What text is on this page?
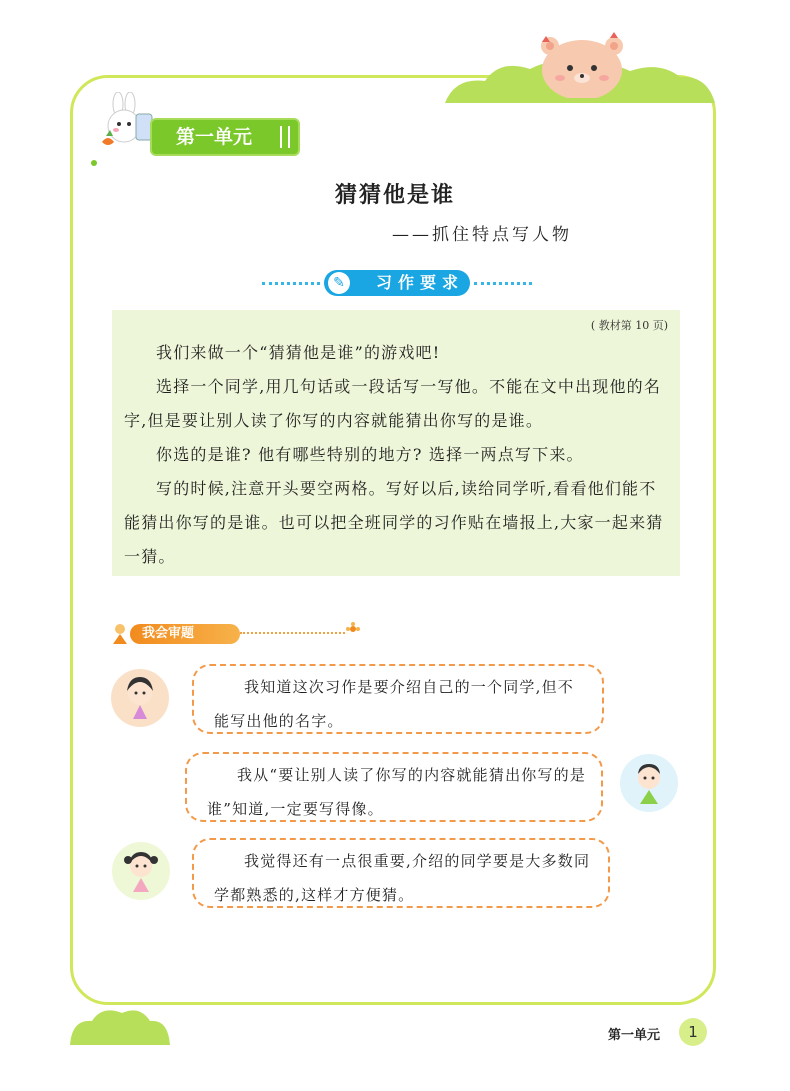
第一单元
猜猜他是谁
——抓住特点写人物
✎	习作要求
( 教材第 10 页)

我们来做一个“猜猜他是谁”的游戏吧!

选择一个同学,用几句话或一段话写一写他。不能在文中出现他的名字,但是要让别人读了你写的内容就能猜出你写的是谁。

你选的是谁? 他有哪些特别的地方? 选择一两点写下来。

写的时候,注意开头要空两格。写好以后,读给同学听,看看他们能不能猜出你写的是谁。也可以把全班同学的习作贴在墙报上,大家一起来猜一猜。

我会审题

我知道这次习作是要介绍自己的一个同学,但不能写出他的名字。

我从“要让别人读了你写的内容就能猜出你写的是谁”知道,一定要写得像。

我觉得还有一点很重要,介绍的同学要是大多数同学都熟悉的,这样才方便猜。

第一单元	1
